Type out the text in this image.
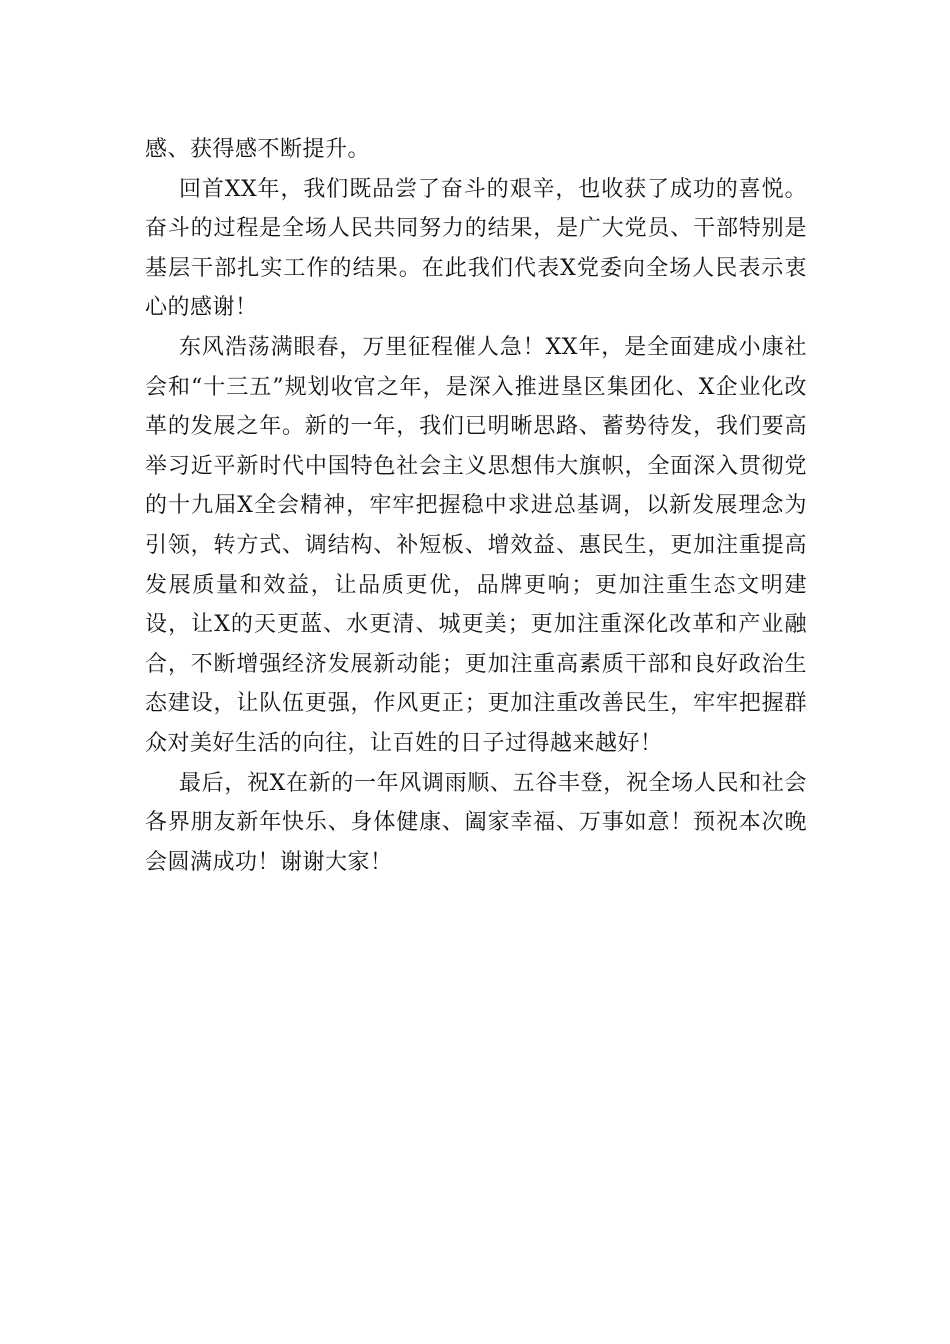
感、获得感不断提升。

回首XX年，我们既品尝了奋斗的艰辛，也收获了成功的喜悦。奋斗的过程是全场人民共同努力的结果，是广大党员、干部特别是基层干部扎实工作的结果。在此我们代表X党委向全场人民表示衷心的感谢！

东风浩荡满眼春，万里征程催人急！XX年，是全面建成小康社会和“十三五”规划收官之年，是深入推进垦区集团化、X企业化改革的发展之年。新的一年，我们已明晰思路、蓄势待发，我们要高举习近平新时代中国特色社会主义思想伟大旗帜，全面深入贯彻党的十九届X全会精神，牢牢把握稳中求进总基调，以新发展理念为引领，转方式、调结构、补短板、增效益、惠民生，更加注重提高发展质量和效益，让品质更优，品牌更响；更加注重生态文明建设，让X的天更蓝、水更清、城更美；更加注重深化改革和产业融合，不断增强经济发展新动能；更加注重高素质干部和良好政治生态建设，让队伍更强，作风更正；更加注重改善民生，牢牢把握群众对美好生活的向往，让百姓的日子过得越来越好！

最后，祝X在新的一年风调雨顺、五谷丰登，祝全场人民和社会各界朋友新年快乐、身体健康、阖家幸福、万事如意！预祝本次晚会圆满成功！谢谢大家！
